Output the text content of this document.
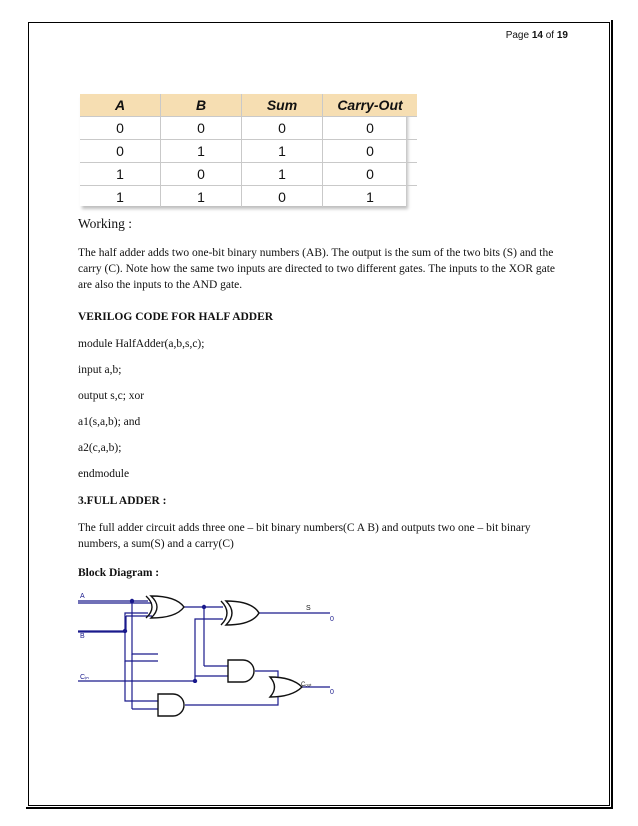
Page 14 of 19
A	B	Sum	Carry-Out
0	0	0	0
0	1	1	0
1	0	1	0
1	1	0	1
Working :
The half adder adds two one-bit binary numbers (AB). The output is the sum of the two bits (S) and the carry (C). Note how the same two inputs are directed to two different gates. The inputs to the XOR gate are also the inputs to the AND gate.
VERILOG CODE FOR HALF ADDER
module HalfAdder(a,b,s,c);
input a,b;
output s,c; xor
a1(s,a,b); and
a2(c,a,b);
endmodule
3.FULL ADDER :
The full adder circuit adds three one – bit binary numbers(C A B) and outputs two one – bit binary numbers, a sum(S) and a carry(C)
Block Diagram :
S
0
A
B
Cᵢₙ
Cₒᵤₜ
0
